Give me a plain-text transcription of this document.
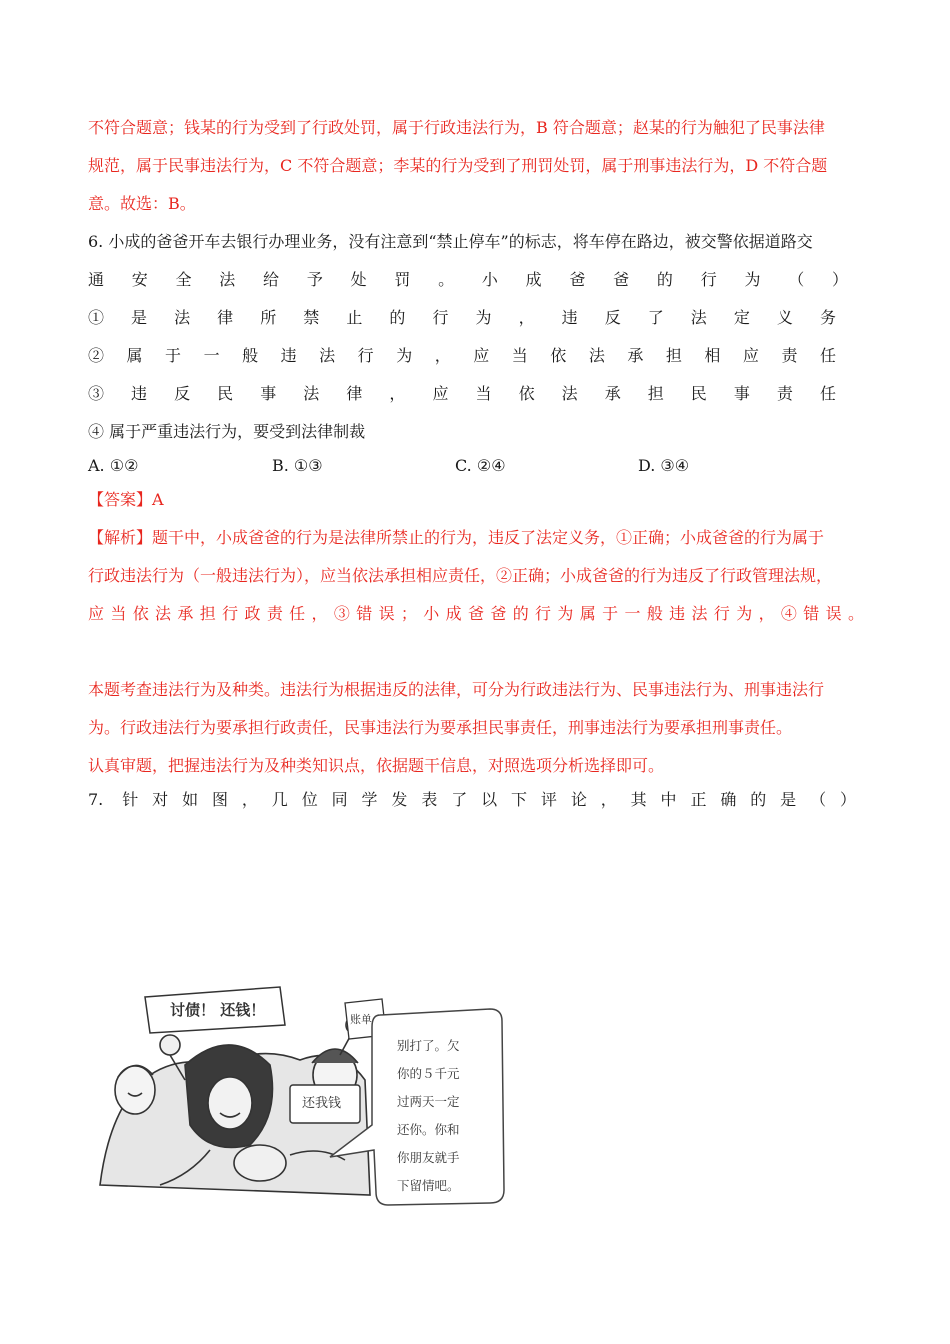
不符合题意；钱某的行为受到了行政处罚，属于行政违法行为，B 符合题意；赵某的行为触犯了民事法律
规范，属于民事违法行为，C 不符合题意；李某的行为受到了刑罚处罚，属于刑事违法行为，D 不符合题
意。故选：B。
6. 小成的爸爸开车去银行办理业务，没有注意到“禁止停车”的标志，将车停在路边，被交警依据道路交
通安全法给予处罚。小成爸爸的行为（）
①是法律所禁止的行为，违反了法定义务
②属于一般违法行为，应当依法承担相应责任
③违反民事法律，应当依法承担民事责任
④ 属于严重违法行为，要受到法律制裁
A. ①②	B. ①③	C. ②④	D. ③④
【答案】A
【解析】题干中，小成爸爸的行为是法律所禁止的行为，违反了法定义务，①正确；小成爸爸的行为属于
行政违法行为（一般违法行为），应当依法承担相应责任，②正确；小成爸爸的行为违反了行政管理法规，
应当依法承担行政责任，③错误；小成爸爸的行为属于一般违法行为，④错误。
本题考查违法行为及种类。违法行为根据违反的法律，可分为行政违法行为、民事违法行为、刑事违法行
为。行政违法行为要承担行政责任，民事违法行为要承担民事责任，刑事违法行为要承担刑事责任。
认真审题，把握违法行为及种类知识点，依据题干信息，对照选项分析选择即可。
7. 针对如图，几位同学发表了以下评论，其中正确的是（）
讨债！ 还钱！
账单
还我钱
别打了。欠
你的５千元
过两天一定
还你。你和
你朋友就手
下留情吧。
